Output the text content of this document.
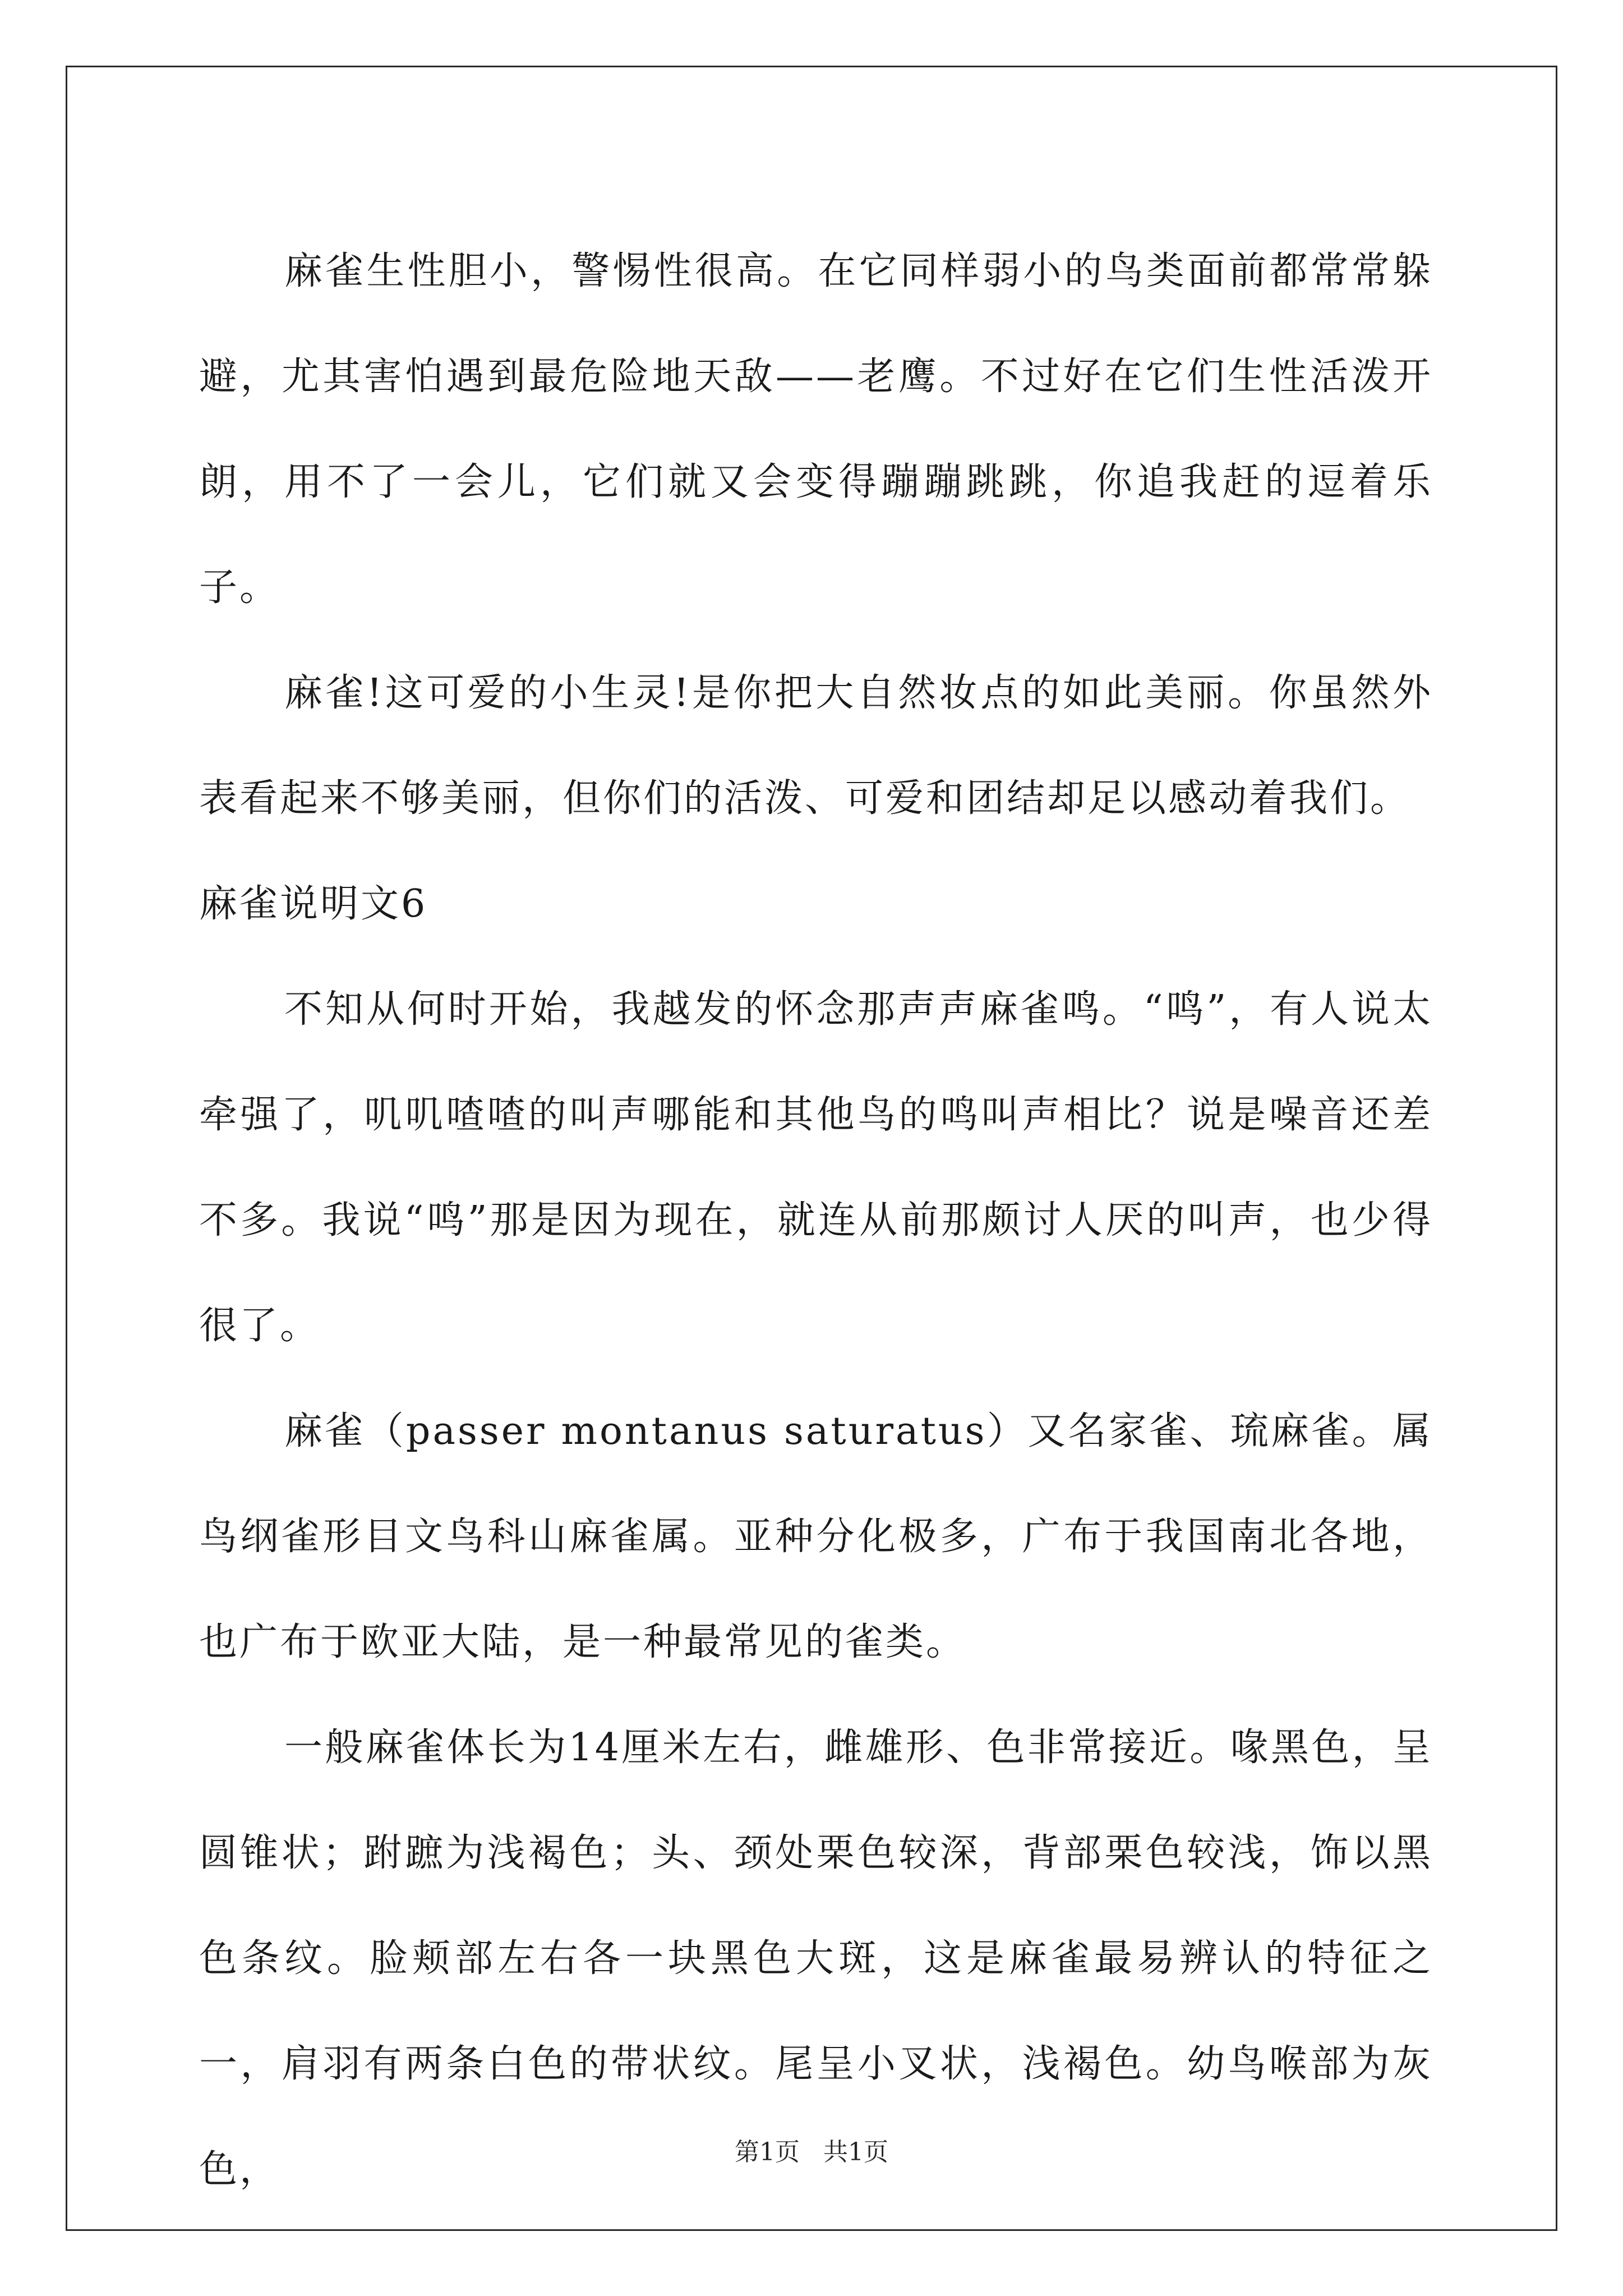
麻雀生性胆小，警惕性很高。在它同样弱小的鸟类面前都常常躲避，尤其害怕遇到最危险地天敌——老鹰。不过好在它们生性活泼开朗，用不了一会儿，它们就又会变得蹦蹦跳跳，你追我赶的逗着乐子。

麻雀!这可爱的小生灵!是你把大自然妆点的如此美丽。你虽然外表看起来不够美丽，但你们的活泼、可爱和团结却足以感动着我们。

麻雀说明文6

不知从何时开始，我越发的怀念那声声麻雀鸣。“鸣”，有人说太牵强了，叽叽喳喳的叫声哪能和其他鸟的鸣叫声相比？说是噪音还差不多。我说“鸣”那是因为现在，就连从前那颇讨人厌的叫声，也少得很了。

麻雀（passer montanus saturatus）又名家雀、琉麻雀。属鸟纲雀形目文鸟科山麻雀属。亚种分化极多，广布于我国南北各地，也广布于欧亚大陆，是一种最常见的雀类。

一般麻雀体长为14厘米左右，雌雄形、色非常接近。喙黑色，呈圆锥状；跗蹠为浅褐色；头、颈处栗色较深，背部栗色较浅，饰以黑色条纹。脸颊部左右各一块黑色大斑，这是麻雀最易辨认的特征之一，肩羽有两条白色的带状纹。尾呈小叉状，浅褐色。幼鸟喉部为灰色，	第1页 共1页
